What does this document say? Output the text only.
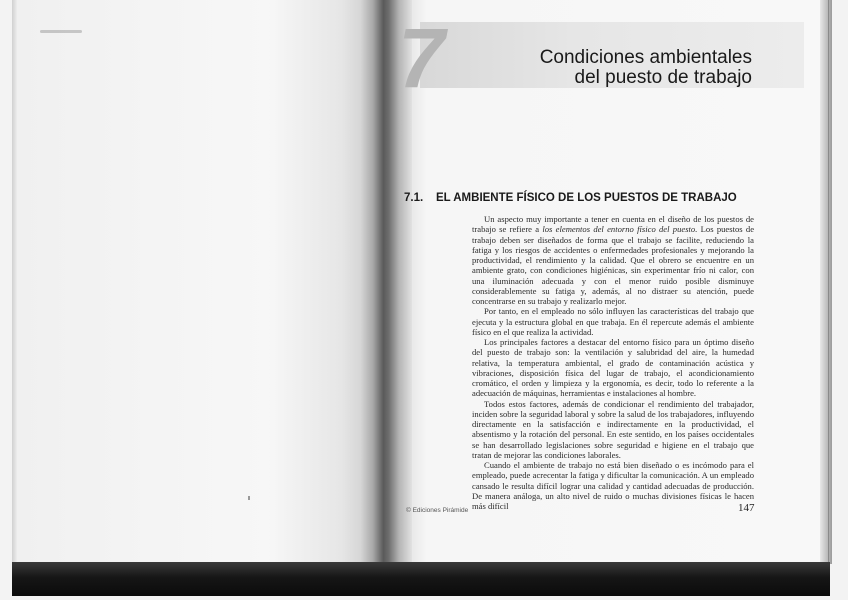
7	Condiciones ambientales
del puesto de trabajo
7.1. EL AMBIENTE FÍSICO DE LOS PUESTOS DE TRABAJO

Un aspecto muy importante a tener en cuenta en el diseño de los puestos de trabajo se refiere a los elementos del entorno físico del puesto. Los puestos de trabajo deben ser diseñados de forma que el trabajo se facilite, reduciendo la fatiga y los riesgos de accidentes o enfermedades profesionales y mejorando la productividad, el rendimiento y la calidad. Que el obrero se encuentre en un ambiente grato, con condiciones higiénicas, sin experimentar frío ni calor, con una iluminación adecuada y con el menor ruido posible disminuye considerablemente su fatiga y, además, al no distraer su atención, puede concentrarse en su trabajo y realizarlo mejor.

Por tanto, en el empleado no sólo influyen las características del trabajo que ejecuta y la estructura global en que trabaja. En él repercute además el ambiente físico en el que realiza la actividad.

Los principales factores a destacar del entorno físico para un óptimo diseño del puesto de trabajo son: la ventilación y salubridad del aire, la humedad relativa, la temperatura ambiental, el grado de contaminación acústica y vibraciones, disposición física del lugar de trabajo, el acondicionamiento cromático, el orden y limpieza y la ergonomía, es decir, todo lo referente a la adecuación de máquinas, herramientas e instalaciones al hombre.

Todos estos factores, además de condicionar el rendimiento del trabajador, inciden sobre la seguridad laboral y sobre la salud de los trabajadores, influyendo directamente en la satisfacción e indirectamente en la productividad, el absentismo y la rotación del personal. En este sentido, en los países occidentales se han desarrollado legislaciones sobre seguridad e higiene en el trabajo que tratan de mejorar las condiciones laborales.

Cuando el ambiente de trabajo no está bien diseñado o es incómodo para el empleado, puede acrecentar la fatiga y dificultar la comunicación. A un empleado cansado le resulta difícil lograr una calidad y cantidad adecuadas de producción. De manera análoga, un alto nivel de ruido o muchas divisiones físicas le hacen más difícil

© Ediciones Pirámide	147
